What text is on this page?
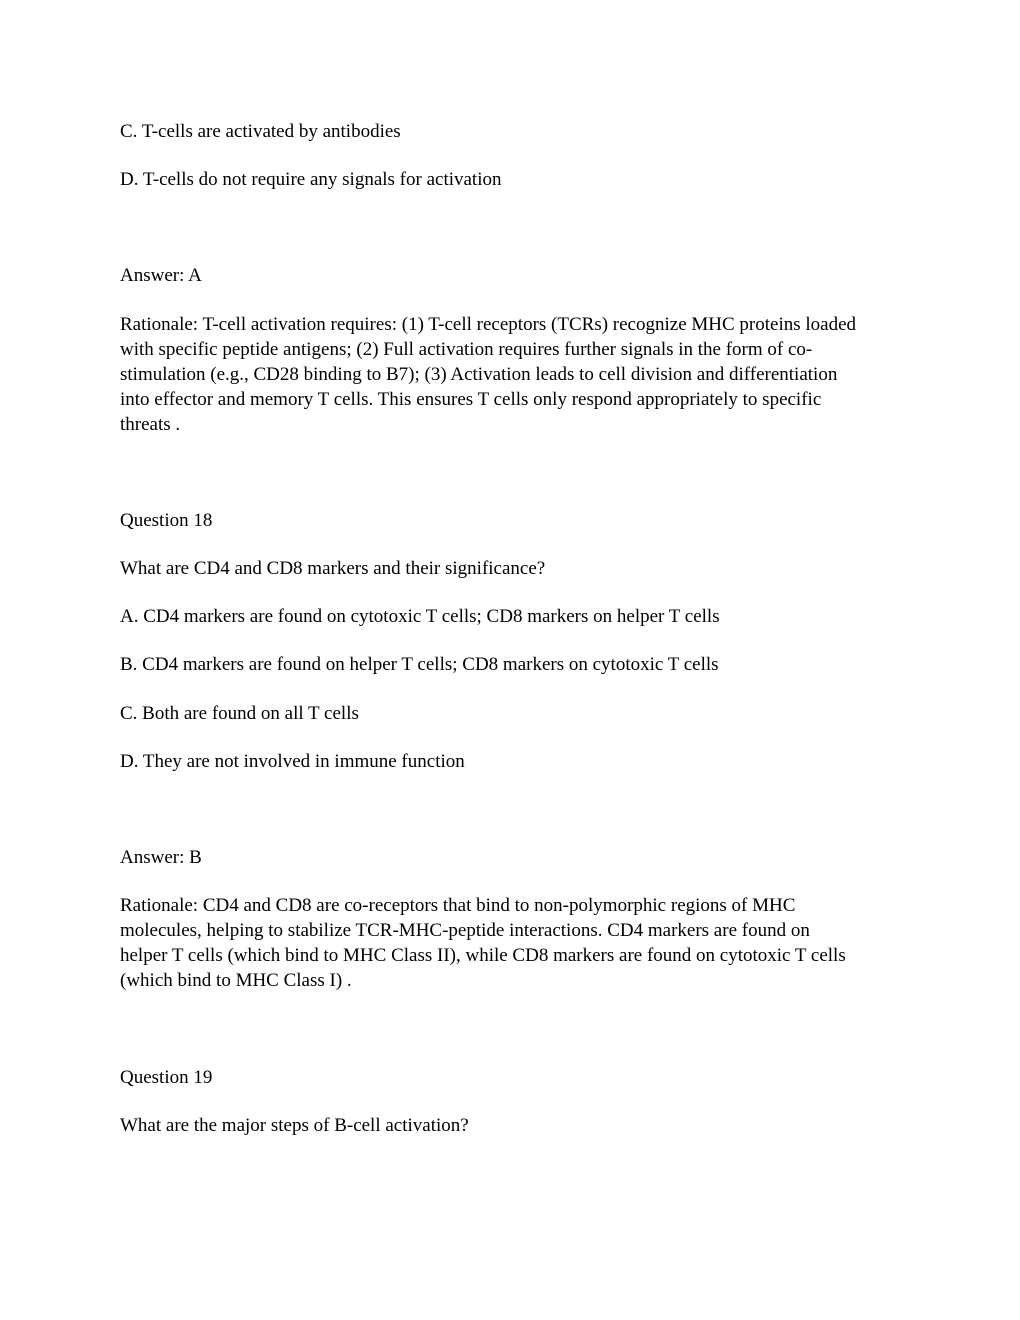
C. T-cells are activated by antibodies

D. T-cells do not require any signals for activation

Answer: A

Rationale: T-cell activation requires: (1) T-cell receptors (TCRs) recognize MHC proteins loaded
with specific peptide antigens; (2) Full activation requires further signals in the form of co-
stimulation (e.g., CD28 binding to B7); (3) Activation leads to cell division and differentiation
into effector and memory T cells. This ensures T cells only respond appropriately to specific
threats .

Question 18

What are CD4 and CD8 markers and their significance?

A. CD4 markers are found on cytotoxic T cells; CD8 markers on helper T cells

B. CD4 markers are found on helper T cells; CD8 markers on cytotoxic T cells

C. Both are found on all T cells

D. They are not involved in immune function

Answer: B

Rationale: CD4 and CD8 are co-receptors that bind to non-polymorphic regions of MHC
molecules, helping to stabilize TCR-MHC-peptide interactions. CD4 markers are found on
helper T cells (which bind to MHC Class II), while CD8 markers are found on cytotoxic T cells
(which bind to MHC Class I) .

Question 19

What are the major steps of B-cell activation?
